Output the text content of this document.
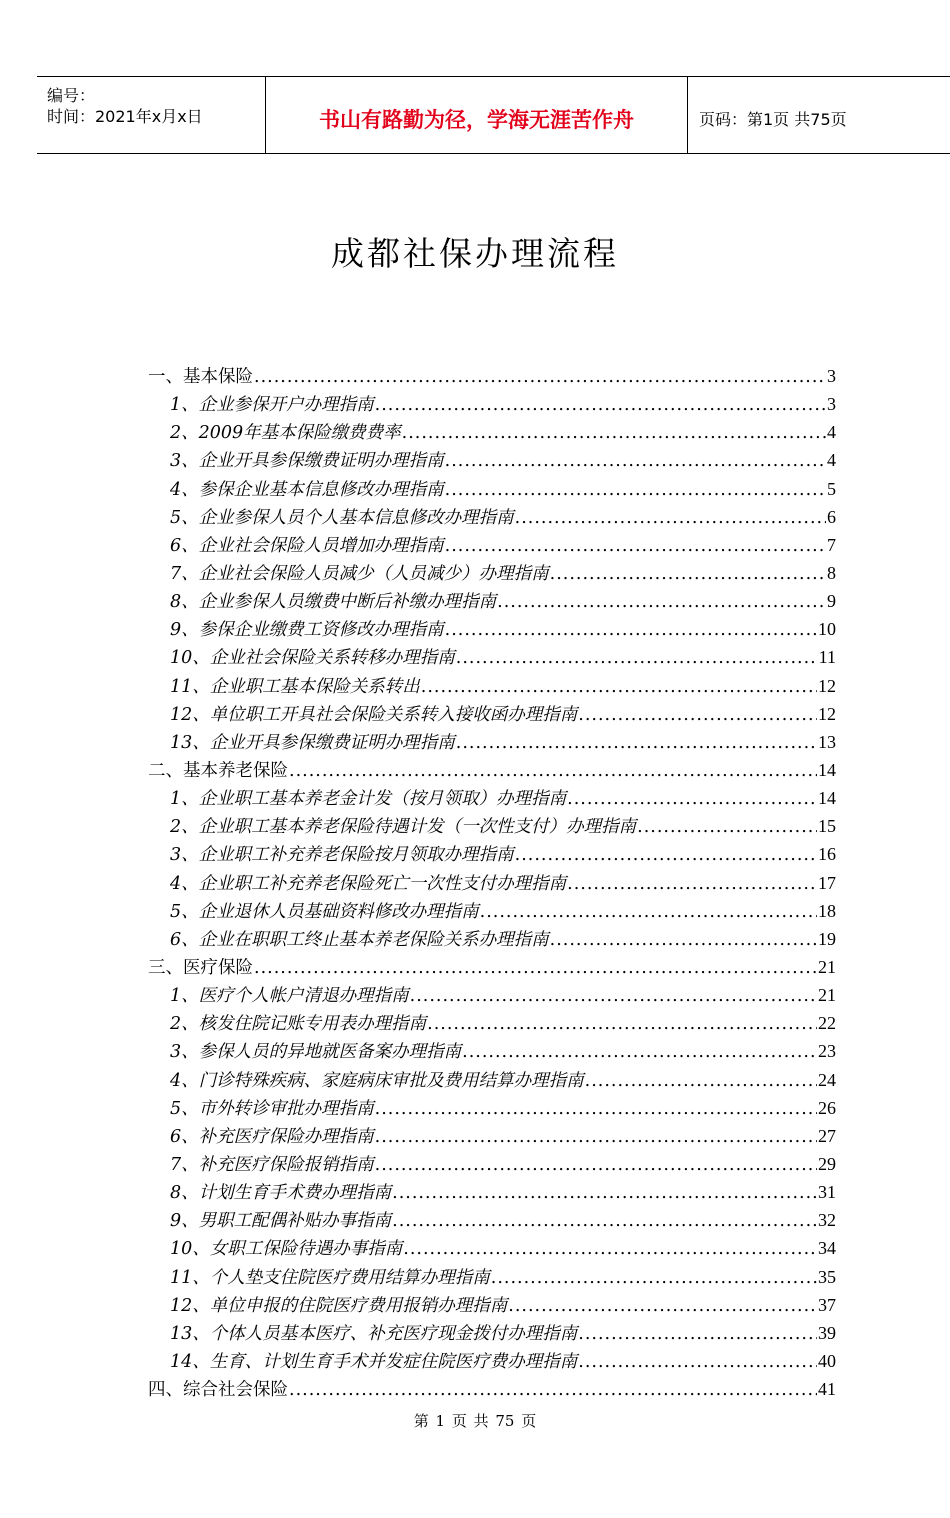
编号：
时间：2021年x月x日	书山有路勤为径，学海无涯苦作舟	页码：第1页 共75页
成都社保办理流程
一、基本保险 .....	3
1、企业参保开户办理指南 .....	3
2、2009年基本保险缴费费率 .....	4
3、企业开具参保缴费证明办理指南 .....	4
4、参保企业基本信息修改办理指南 .....	5
5、企业参保人员个人基本信息修改办理指南 .....	6
6、企业社会保险人员增加办理指南 .....	7
7、企业社会保险人员减少（人员减少）办理指南 .....	8
8、企业参保人员缴费中断后补缴办理指南 .....	9
9、参保企业缴费工资修改办理指南 .....	10
10、企业社会保险关系转移办理指南 .....	11
11、企业职工基本保险关系转出 .....	12
12、单位职工开具社会保险关系转入接收函办理指南 .....	12
13、企业开具参保缴费证明办理指南 .....	13
二、基本养老保险 .....	14
1、企业职工基本养老金计发（按月领取）办理指南 .....	14
2、企业职工基本养老保险待遇计发（一次性支付）办理指南 .....	15
3、企业职工补充养老保险按月领取办理指南 .....	16
4、企业职工补充养老保险死亡一次性支付办理指南 .....	17
5、企业退休人员基础资料修改办理指南 .....	18
6、企业在职职工终止基本养老保险关系办理指南 .....	19
三、医疗保险 .....	21
1、医疗个人帐户清退办理指南 .....	21
2、核发住院记账专用表办理指南 .....	22
3、参保人员的异地就医备案办理指南 .....	23
4、门诊特殊疾病、家庭病床审批及费用结算办理指南 .....	24
5、市外转诊审批办理指南 .....	26
6、补充医疗保险办理指南 .....	27
7、补充医疗保险报销指南 .....	29
8、计划生育手术费办理指南 .....	31
9、男职工配偶补贴办事指南 .....	32
10、女职工保险待遇办事指南 .....	34
11、个人垫支住院医疗费用结算办理指南 .....	35
12、单位申报的住院医疗费用报销办理指南 .....	37
13、个体人员基本医疗、补充医疗现金拨付办理指南 .....	39
14、生育、计划生育手术并发症住院医疗费办理指南 .....	40
四、综合社会保险 .....	41
第 1 页 共 75 页
